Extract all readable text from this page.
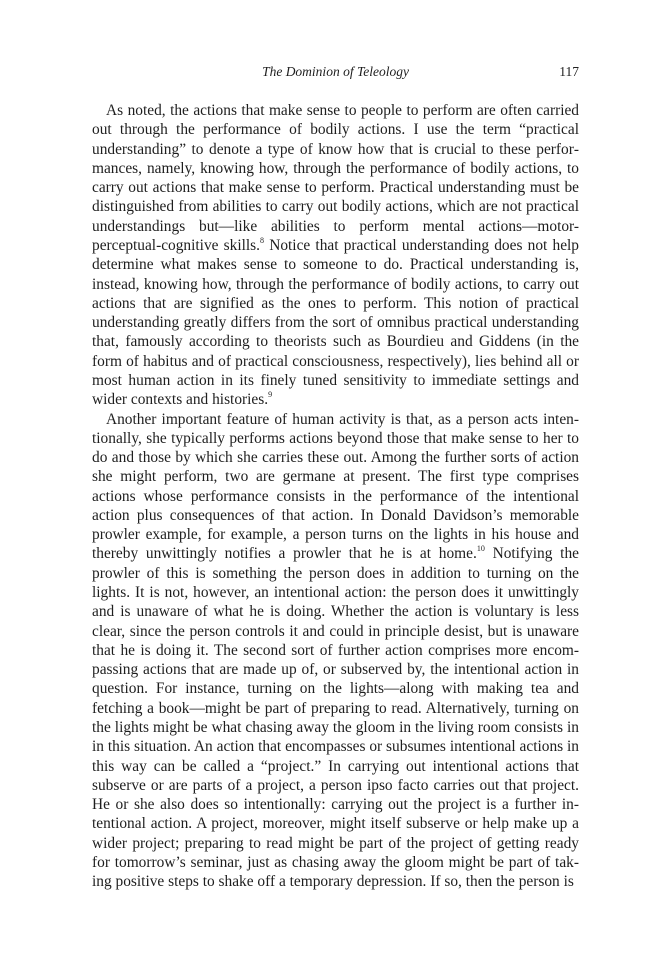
The Dominion of Teleology	117

As noted, the actions that make sense to people to perform are often carried out through the performance of bodily actions. I use the term “practical understanding” to denote a type of know how that is crucial to these performances, namely, knowing how, through the performance of bodily actions, to carry out actions that make sense to perform. Practical understanding must be distinguished from abilities to carry out bodily actions, which are not practical understandings but—like abilities to perform mental actions—motor-perceptual-cognitive skills.$^8$ Notice that practical understanding does not help determine what makes sense to someone to do. Practical understanding is, instead, knowing how, through the performance of bodily actions, to carry out actions that are signified as the ones to perform. This notion of practical understanding greatly differs from the sort of omnibus practical understanding that, famously according to theorists such as Bourdieu and Giddens (in the form of habitus and of practical consciousness, respectively), lies behind all or most human action in its finely tuned sensitivity to immediate settings and wider contexts and histories.$^9$

Another important feature of human activity is that, as a person acts intentionally, she typically performs actions beyond those that make sense to her to do and those by which she carries these out. Among the further sorts of action she might perform, two are germane at present. The first type comprises actions whose performance consists in the performance of the intentional action plus consequences of that action. In Donald Davidson’s memorable prowler example, for example, a person turns on the lights in his house and thereby unwittingly notifies a prowler that he is at home.$^{10}$ Notifying the prowler of this is something the person does in addition to turning on the lights. It is not, however, an intentional action: the person does it unwittingly and is unaware of what he is doing. Whether the action is voluntary is less clear, since the person controls it and could in principle desist, but is unaware that he is doing it. The second sort of further action comprises more encompassing actions that are made up of, or subserved by, the intentional action in question. For instance, turning on the lights—along with making tea and fetching a book—might be part of preparing to read. Alternatively, turning on the lights might be what chasing away the gloom in the living room consists in in this situation. An action that encompasses or subsumes intentional actions in this way can be called a “project.” In carrying out intentional actions that subserve or are parts of a project, a person ipso facto carries out that project. He or she also does so intentionally: carrying out the project is a further intentional action. A project, moreover, might itself subserve or help make up a wider project; preparing to read might be part of the project of getting ready for tomorrow’s seminar, just as chasing away the gloom might be part of taking positive steps to shake off a temporary depression. If so, then the person is
